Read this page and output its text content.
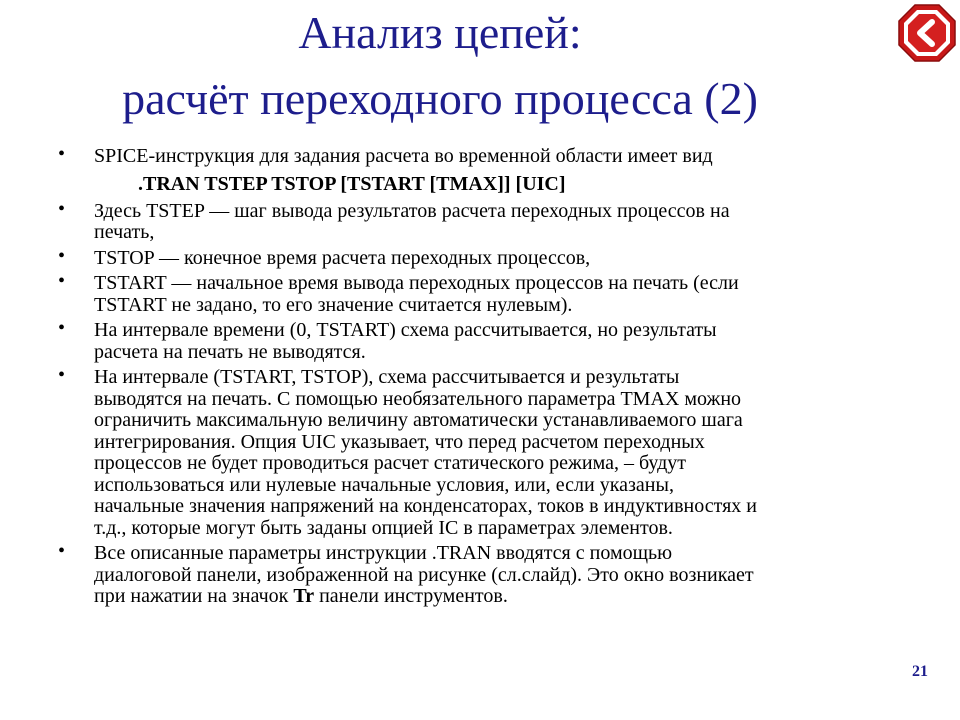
Анализ цепей:
расчёт переходного процесса (2)
• SPICE-инструкция для задания расчета во временной области имеет вид
.TRAN TSTEP TSTOP [TSTART [TMAX]] [UIC]
• Здесь TSTEP — шаг вывода результатов расчета переходных процессов на
печать,
• TSTOP — конечное время расчета переходных процессов,
• TSTART — начальное время вывода переходных процессов на печать (если
TSTART не задано, то его значение считается нулевым).
• На интервале времени (0, TSTART) схема рассчитывается, но результаты
расчета на печать не выводятся.
• На интервале (TSTART, TSTOP), схема рассчитывается и результаты
выводятся на печать. С помощью необязательного параметра TMAX можно
ограничить максимальную величину автоматически устанавливаемого шага
интегрирования. Опция UIC указывает, что перед расчетом переходных
процессов не будет проводиться расчет статического режима, – будут
использоваться или нулевые начальные условия, или, если указаны,
начальные значения напряжений на конденсаторах, токов в индуктивностях и
т.д., которые могут быть заданы опцией IC в параметрах элементов.
• Все описанные параметры инструкции .TRAN вводятся с помощью
диалоговой панели, изображенной на рисунке (сл.слайд). Это окно возникает
при нажатии на значок Tr панели инструментов.
21
